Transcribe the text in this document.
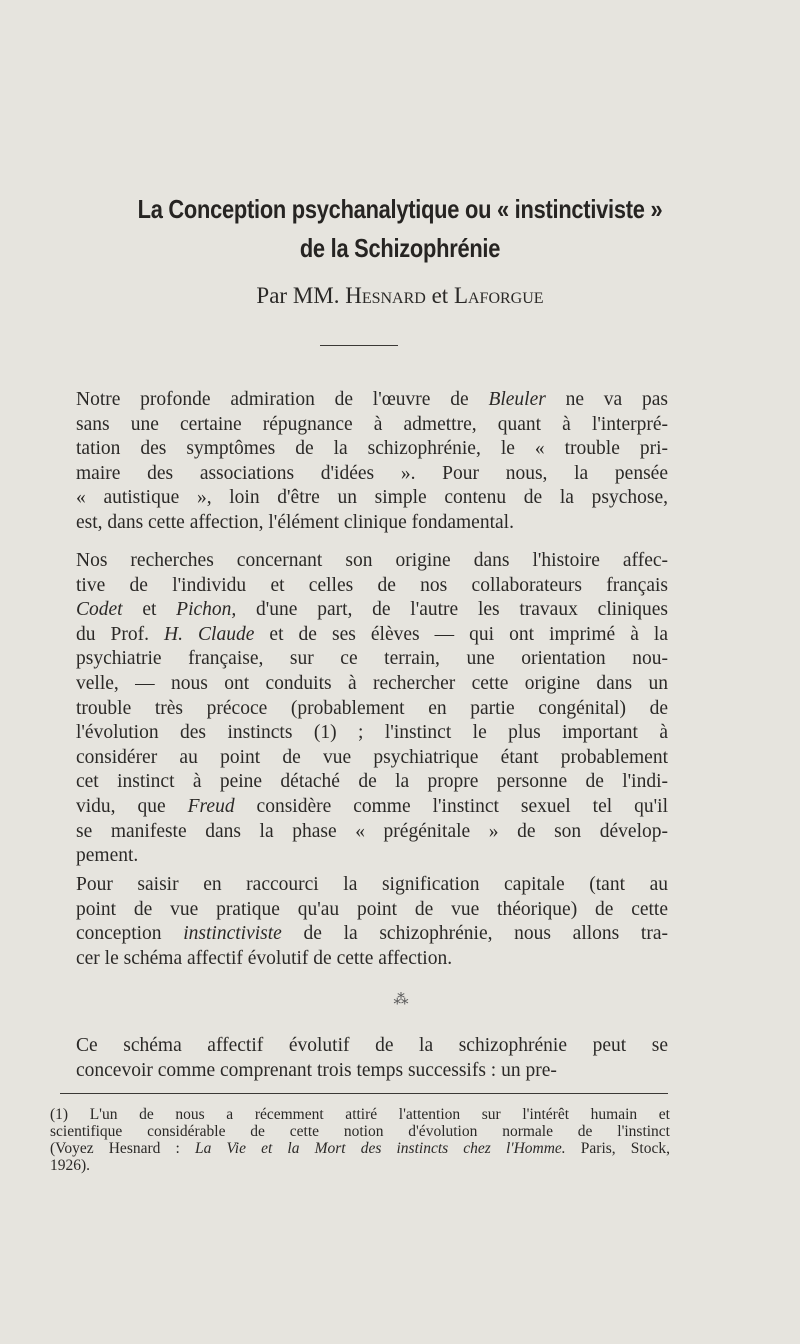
La Conception psychanalytique ou « instinctiviste »
de la Schizophrénie
Par MM. Hesnard et Laforgue
Notre profonde admiration de l'œuvre de Bleuler ne va pas
sans une certaine répugnance à admettre, quant à l'interpré-
tation des symptômes de la schizophrénie, le « trouble pri-
maire des associations d'idées ». Pour nous, la pensée
« autistique », loin d'être un simple contenu de la psychose,
est, dans cette affection, l'élément clinique fondamental.
Nos recherches concernant son origine dans l'histoire affec-
tive de l'individu et celles de nos collaborateurs français
Codet et Pichon, d'une part, de l'autre les travaux cliniques
du Prof. H. Claude et de ses élèves — qui ont imprimé à la
psychiatrie française, sur ce terrain, une orientation nou-
velle, — nous ont conduits à rechercher cette origine dans un
trouble très précoce (probablement en partie congénital) de
l'évolution des instincts (1) ; l'instinct le plus important à
considérer au point de vue psychiatrique étant probablement
cet instinct à peine détaché de la propre personne de l'indi-
vidu, que Freud considère comme l'instinct sexuel tel qu'il
se manifeste dans la phase « prégénitale » de son dévelop-
pement.
Pour saisir en raccourci la signification capitale (tant au
point de vue pratique qu'au point de vue théorique) de cette
conception instinctiviste de la schizophrénie, nous allons tra-
cer le schéma affectif évolutif de cette affection.
Ce schéma affectif évolutif de la schizophrénie peut se
concevoir comme comprenant trois temps successifs : un pre-
⁂
(1) L'un de nous a récemment attiré l'attention sur l'intérêt humain et
scientifique considérable de cette notion d'évolution normale de l'instinct
(Voyez Hesnard : La Vie et la Mort des instincts chez l'Homme. Paris, Stock,
1926).
